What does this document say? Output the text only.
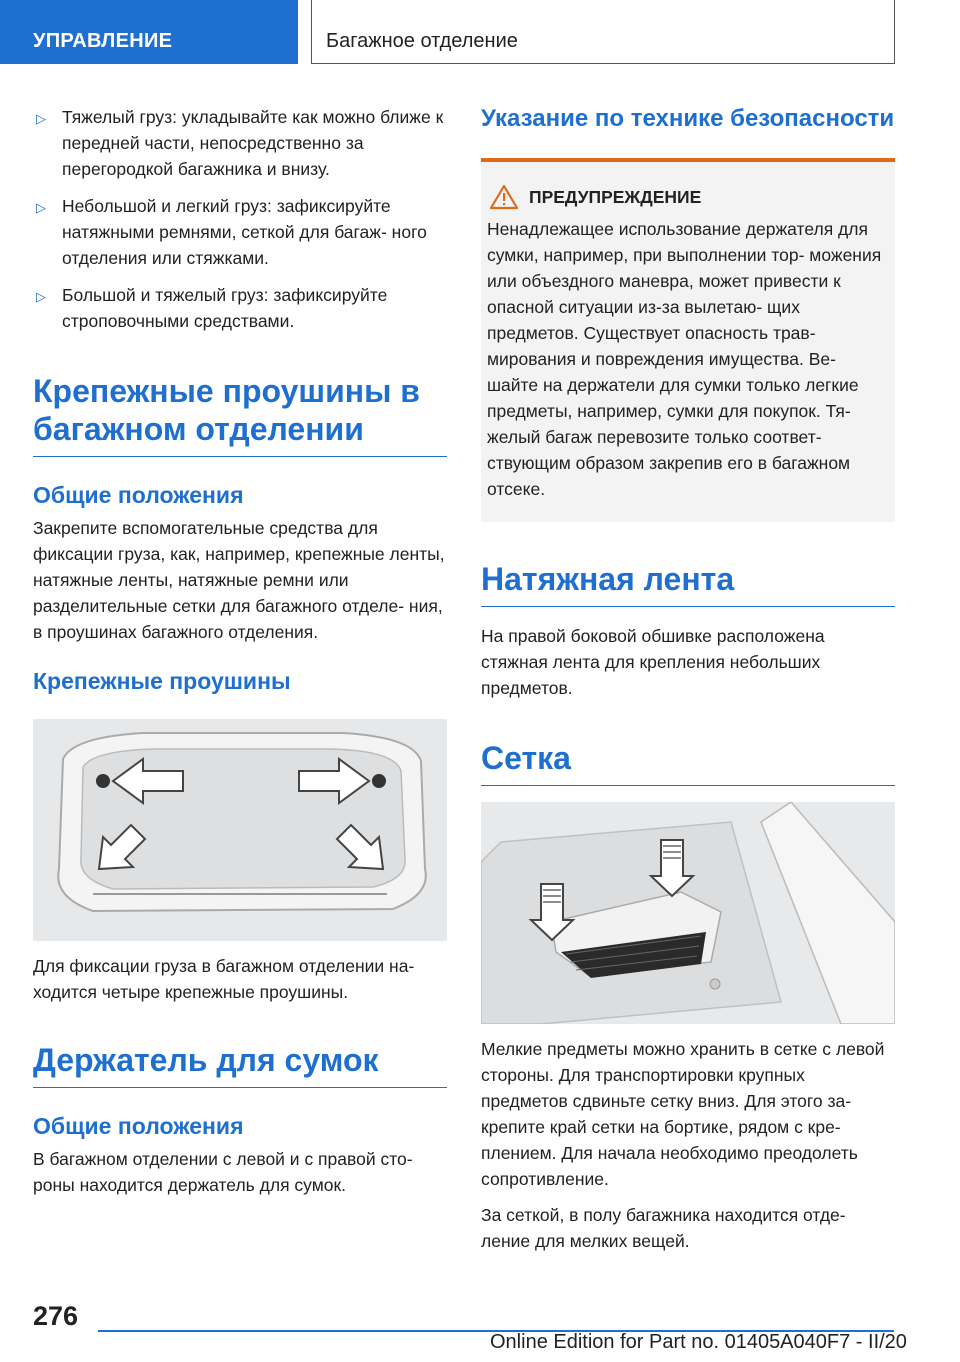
УПРАВЛЕНИЕ	Багажное отделение
▷ Тяжелый груз: укладывайте как можно ближе к передней части, непосредственно за перегородкой багажника и внизу.
▷ Небольшой и легкий груз: зафиксируйте натяжными ремнями, сеткой для багаж- ного отделения или стяжками.
▷ Большой и тяжелый груз: зафиксируйте строповочными средствами.
Крепежные проушины в багажном отделении
Общие положения

Закрепите вспомогательные средства для фиксации груза, как, например, крепежные ленты, натяжные ленты, натяжные ремни или разделительные сетки для багажного отделе- ния, в проушинах багажного отделения.

Крепежные проушины

Для фиксации груза в багажном отделении на- ходится четыре крепежные проушины.

Держатель для сумок
Общие положения

В багажном отделении с левой и с правой сто- роны находится держатель для сумок.

Указание по технике безопасности
ПРЕДУПРЕЖДЕНИЕ

Ненадлежащее использование держателя для сумки, например, при выполнении тор- можения или объездного маневра, может привести к опасной ситуации из-за вылетаю- щих предметов. Существует опасность трав- мирования и повреждения имущества. Ве- шайте на держатели для сумки только легкие предметы, например, сумки для покупок. Тя- желый багаж перевозите только соответ- ствующим образом закрепив его в багажном отсеке.

Натяжная лента

На правой боковой обшивке расположена стяжная лента для крепления небольших предметов.

Сетка

Мелкие предметы можно хранить в сетке с левой стороны. Для транспортировки крупных предметов сдвиньте сетку вниз. Для этого за- крепите край сетки на бортике, рядом с кре- плением. Для начала необходимо преодолеть сопротивление.

За сеткой, в полу багажника находится отде- ление для мелких вещей.

276
Online Edition for Part no. 01405A040F7 - II/20
